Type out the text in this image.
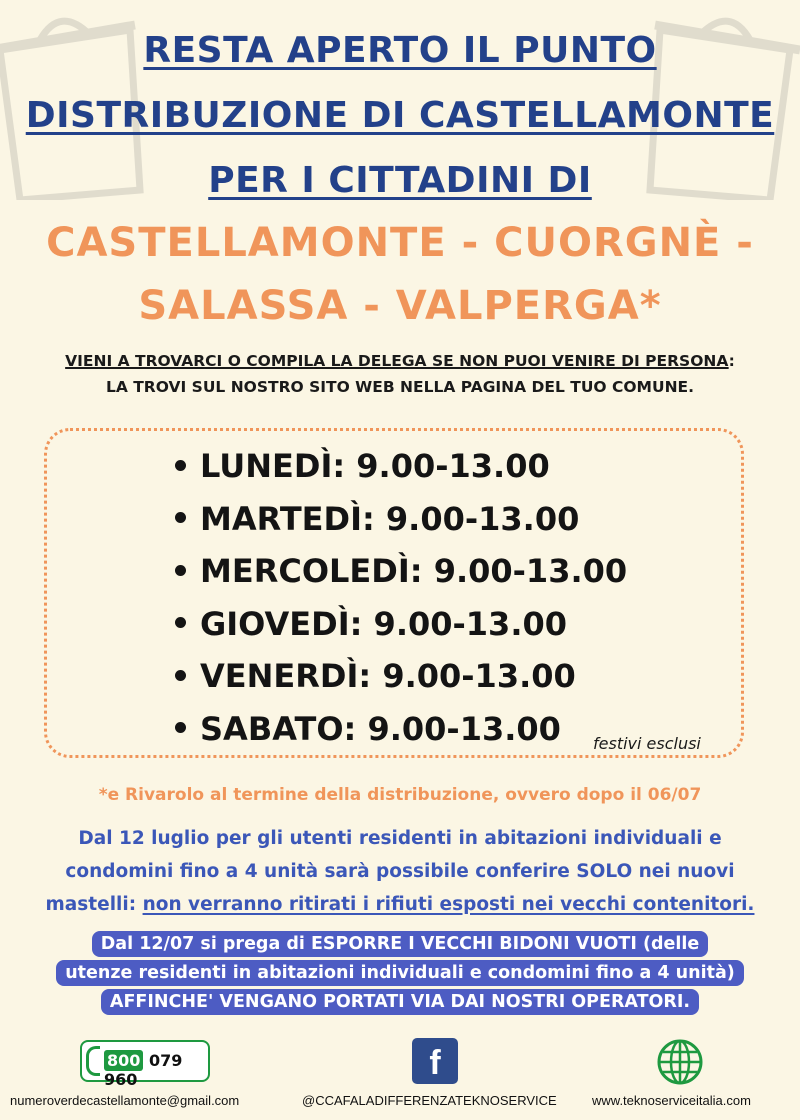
RESTA APERTO IL PUNTO
DISTRIBUZIONE DI CASTELLAMONTE
PER I CITTADINI DI
CASTELLAMONTE - CUORGNÈ -
SALASSA - VALPERGA*
VIENI A TROVARCI O COMPILA LA DELEGA SE NON PUOI VENIRE DI PERSONA:
LA TROVI SUL NOSTRO SITO WEB NELLA PAGINA DEL TUO COMUNE.
LUNEDÌ: 9.00-13.00
MARTEDÌ: 9.00-13.00
MERCOLEDÌ: 9.00-13.00
GIOVEDÌ: 9.00-13.00
VENERDÌ: 9.00-13.00
SABATO: 9.00-13.00	festivi esclusi
*e Rivarolo al termine della distribuzione, ovvero dopo il 06/07
Dal 12 luglio per gli utenti residenti in abitazioni individuali e
condomini fino a 4 unità sarà possibile conferire SOLO nei nuovi
mastelli: non verranno ritirati i rifiuti esposti nei vecchi contenitori.
Dal 12/07 si prega di ESPORRE I VECCHI BIDONI VUOTI (delle
utenze residenti in abitazioni individuali e condomini fino a 4 unità)
AFFINCHE' VENGANO PORTATI VIA DAI NOSTRI OPERATORI.
800 079 960	f
numeroverdecastellamonte@gmail.com	@CCAFALADIFFERENZATEKNOSERVICE	www.teknoserviceitalia.com
